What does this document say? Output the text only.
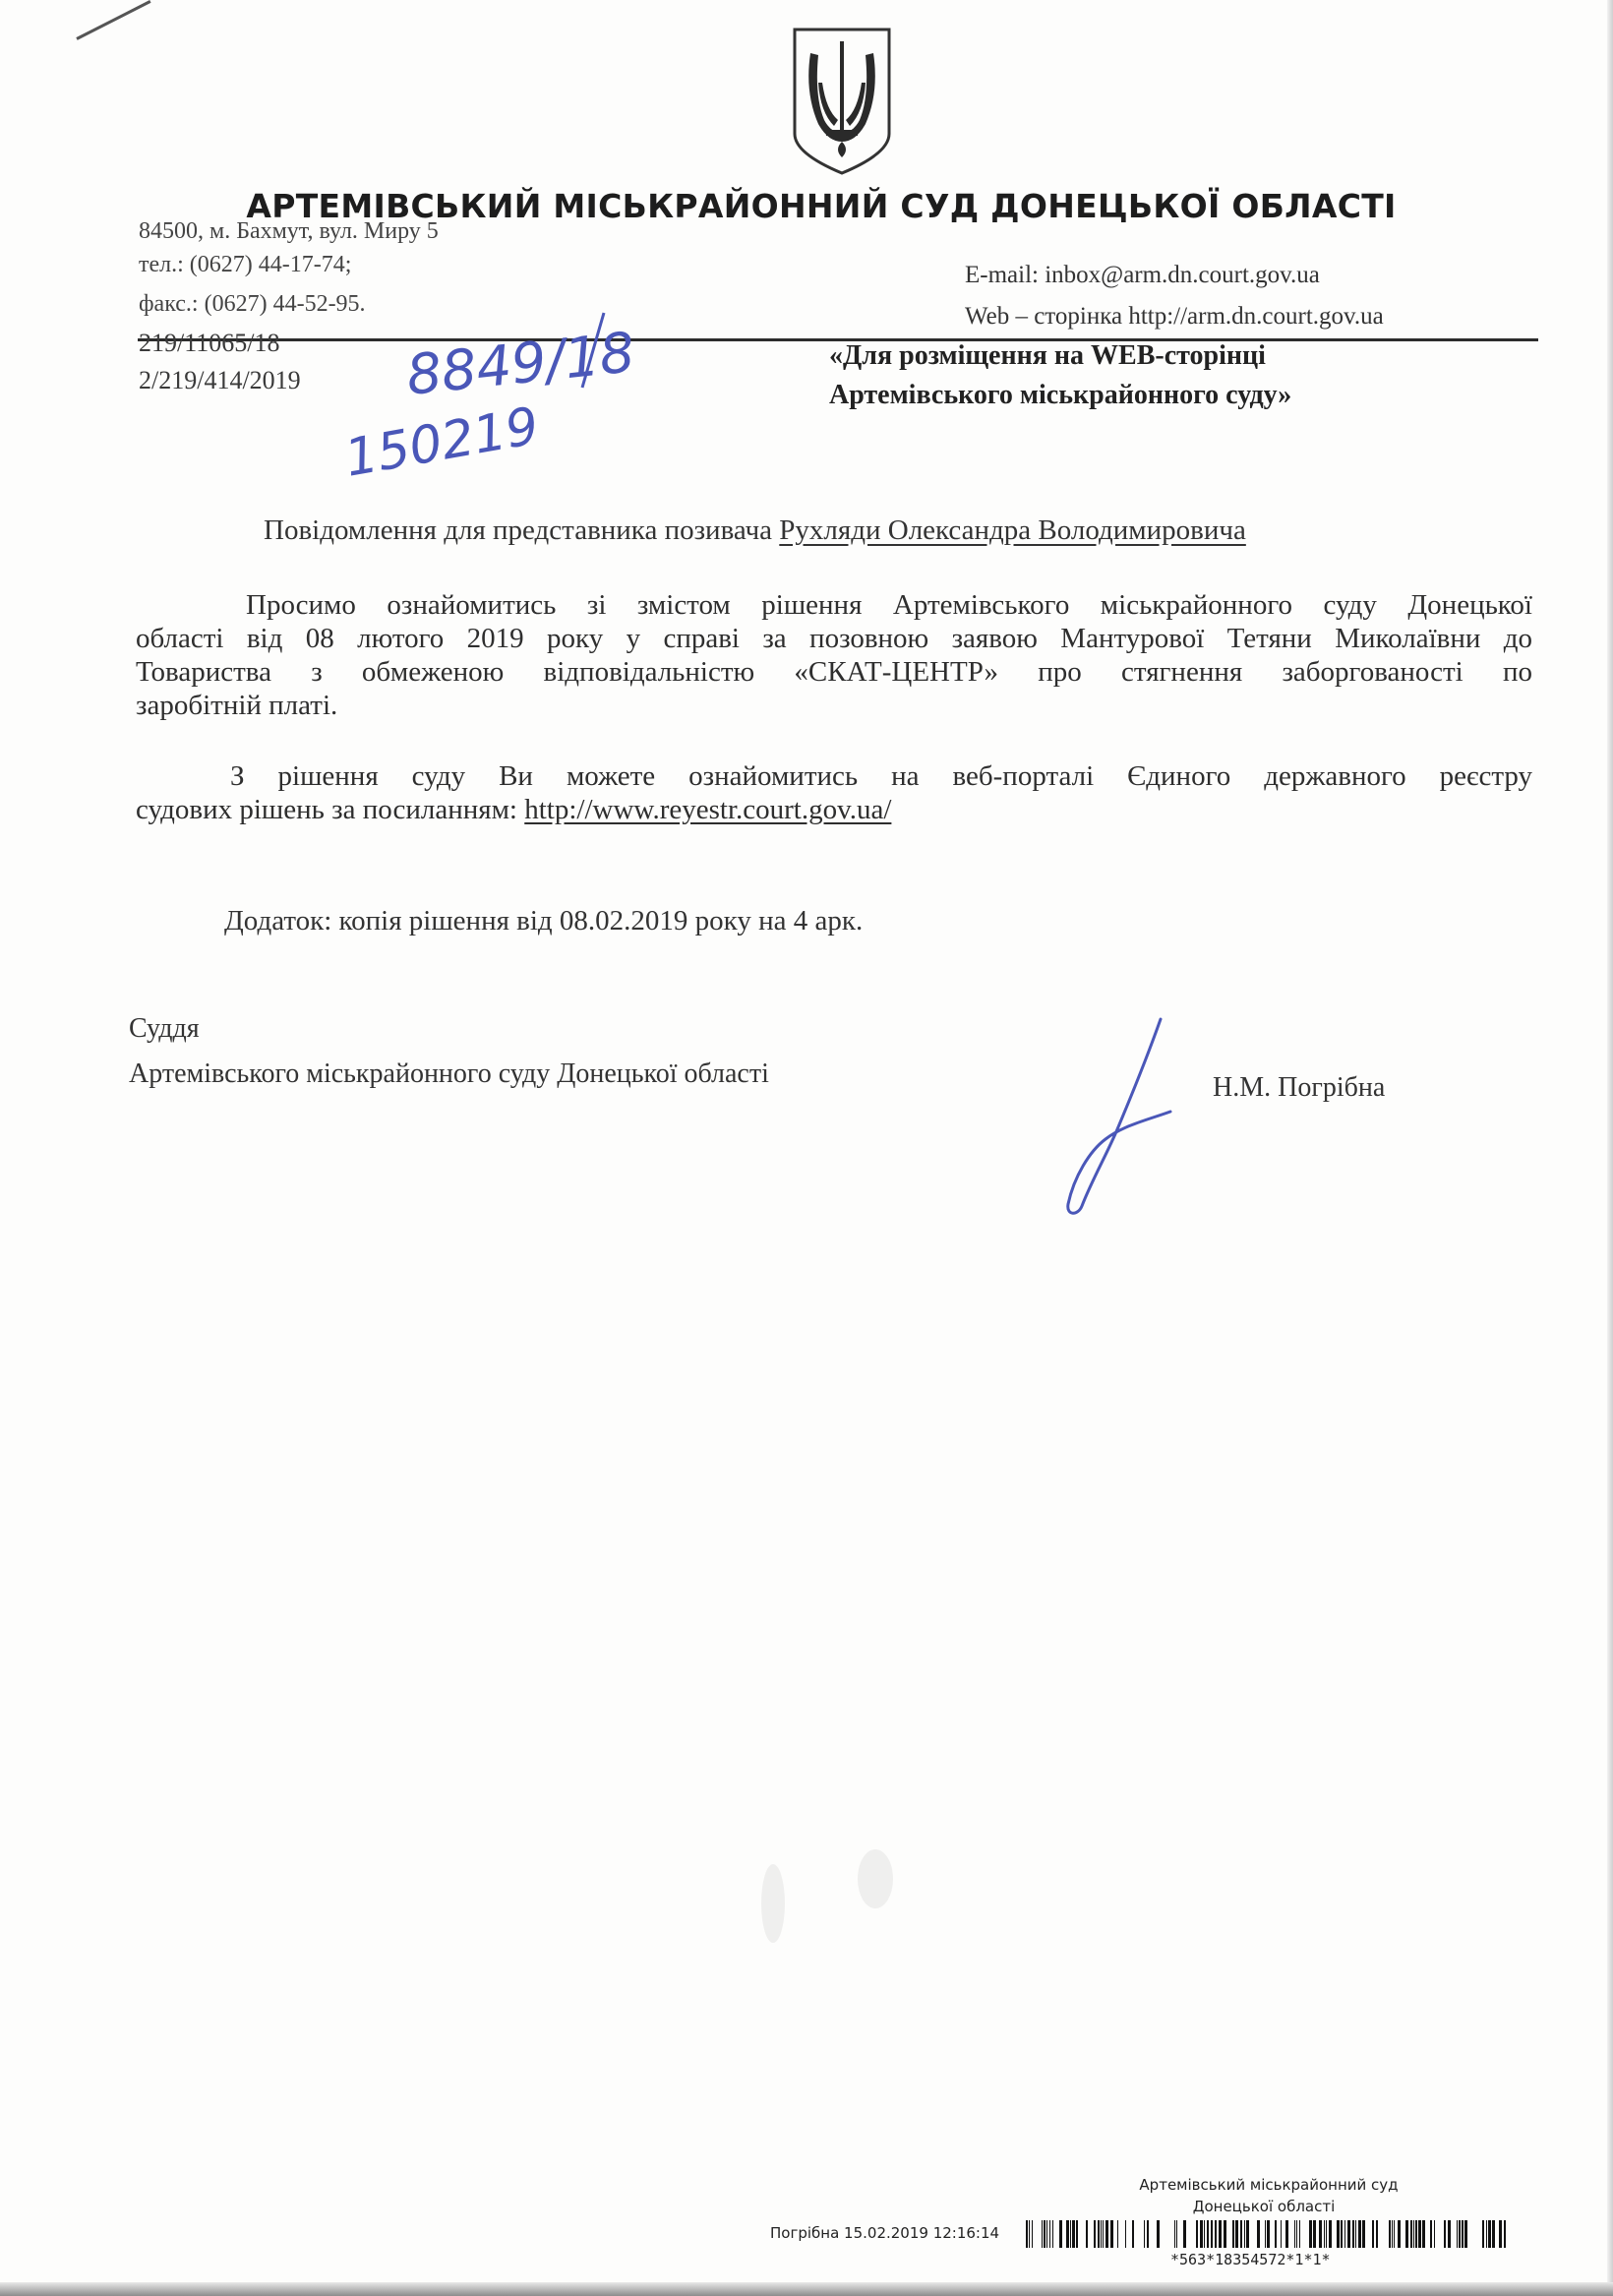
АРТЕМІВСЬКИЙ МІСЬКРАЙОННИЙ СУД ДОНЕЦЬКОЇ ОБЛАСТІ
84500, м. Бахмут, вул. Миру 5
тел.: (0627) 44-17-74;
факс.: (0627) 44-52-95.
E-mail: inbox@arm.dn.court.gov.ua
Web – сторінка http://arm.dn.court.gov.ua
219/11065/18
2/219/414/2019 8849/18
150219
«Для розміщення на WEB-сторінці
Артемівського міськрайонного суду»
Повідомлення для представника позивача Рухляди Олександра Володимировича
Просимо ознайомитись зі змістом рішення Артемівського міськрайонного суду Донецької
області від 08 лютого 2019 року у справі за позовною заявою Мантурової Тетяни Миколаївни до
Товариства з обмеженою відповідальністю «СКАТ-ЦЕНТР» про стягнення заборгованості по
заробітній платі.
З рішення суду Ви можете ознайомитись на веб-порталі Єдиного державного реєстру
судових рішень за посиланням: http://www.reyestr.court.gov.ua/
Додаток: копія рішення від 08.02.2019 року на 4 арк.
Суддя
Артемівського міськрайонного суду Донецької області	Н.М. Погрібна
Артемівський міськрайонний суд
Донецької області
Погрібна 15.02.2019 12:16:14
*563*18354572*1*1*
